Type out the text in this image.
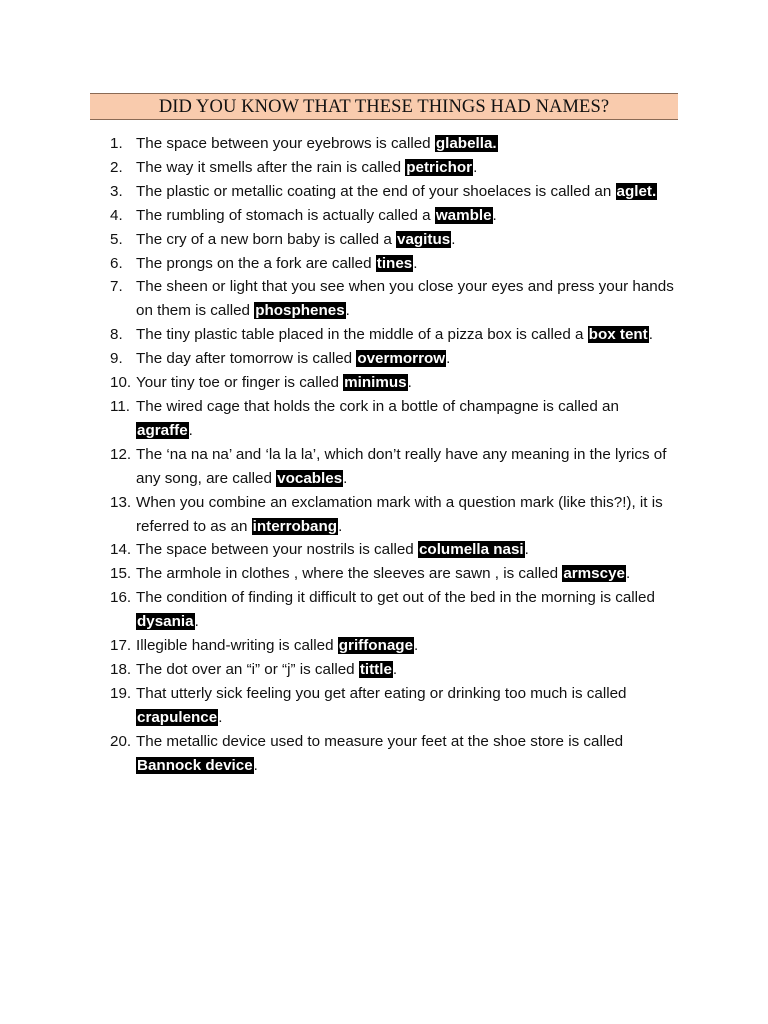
DID YOU KNOW THAT THESE THINGS HAD NAMES?
1. The space between your eyebrows is called glabella.
2. The way it smells after the rain is called petrichor.
3. The plastic or metallic coating at the end of your shoelaces is called an aglet.
4. The rumbling of stomach is actually called a wamble.
5. The cry of a new born baby is called a vagitus.
6. The prongs on the a fork are called tines.
7. The sheen or light that you see when you close your eyes and press your hands on them is called phosphenes.
8. The tiny plastic table placed in the middle of a pizza box is called a box tent.
9. The day after tomorrow is called overmorrow.
10. Your tiny toe or finger is called minimus.
11. The wired cage that holds the cork in a bottle of champagne is called an agraffe.
12. The ‘na na na’ and ‘la la la’, which don’t really have any meaning in the lyrics of any song, are called vocables.
13. When you combine an exclamation mark with a question mark (like this?!), it is referred to as an interrobang.
14. The space between your nostrils is called columella nasi.
15. The armhole in clothes , where the sleeves are sawn , is called armscye.
16. The condition of finding it difficult to get out of the bed in the morning is called dysania.
17. Illegible hand-writing is called griffonage.
18. The dot over an “i” or “j” is called tittle.
19. That utterly sick feeling you get after eating or drinking too much is called crapulence.
20. The metallic device used to measure your feet at the shoe store is called Bannock device.
